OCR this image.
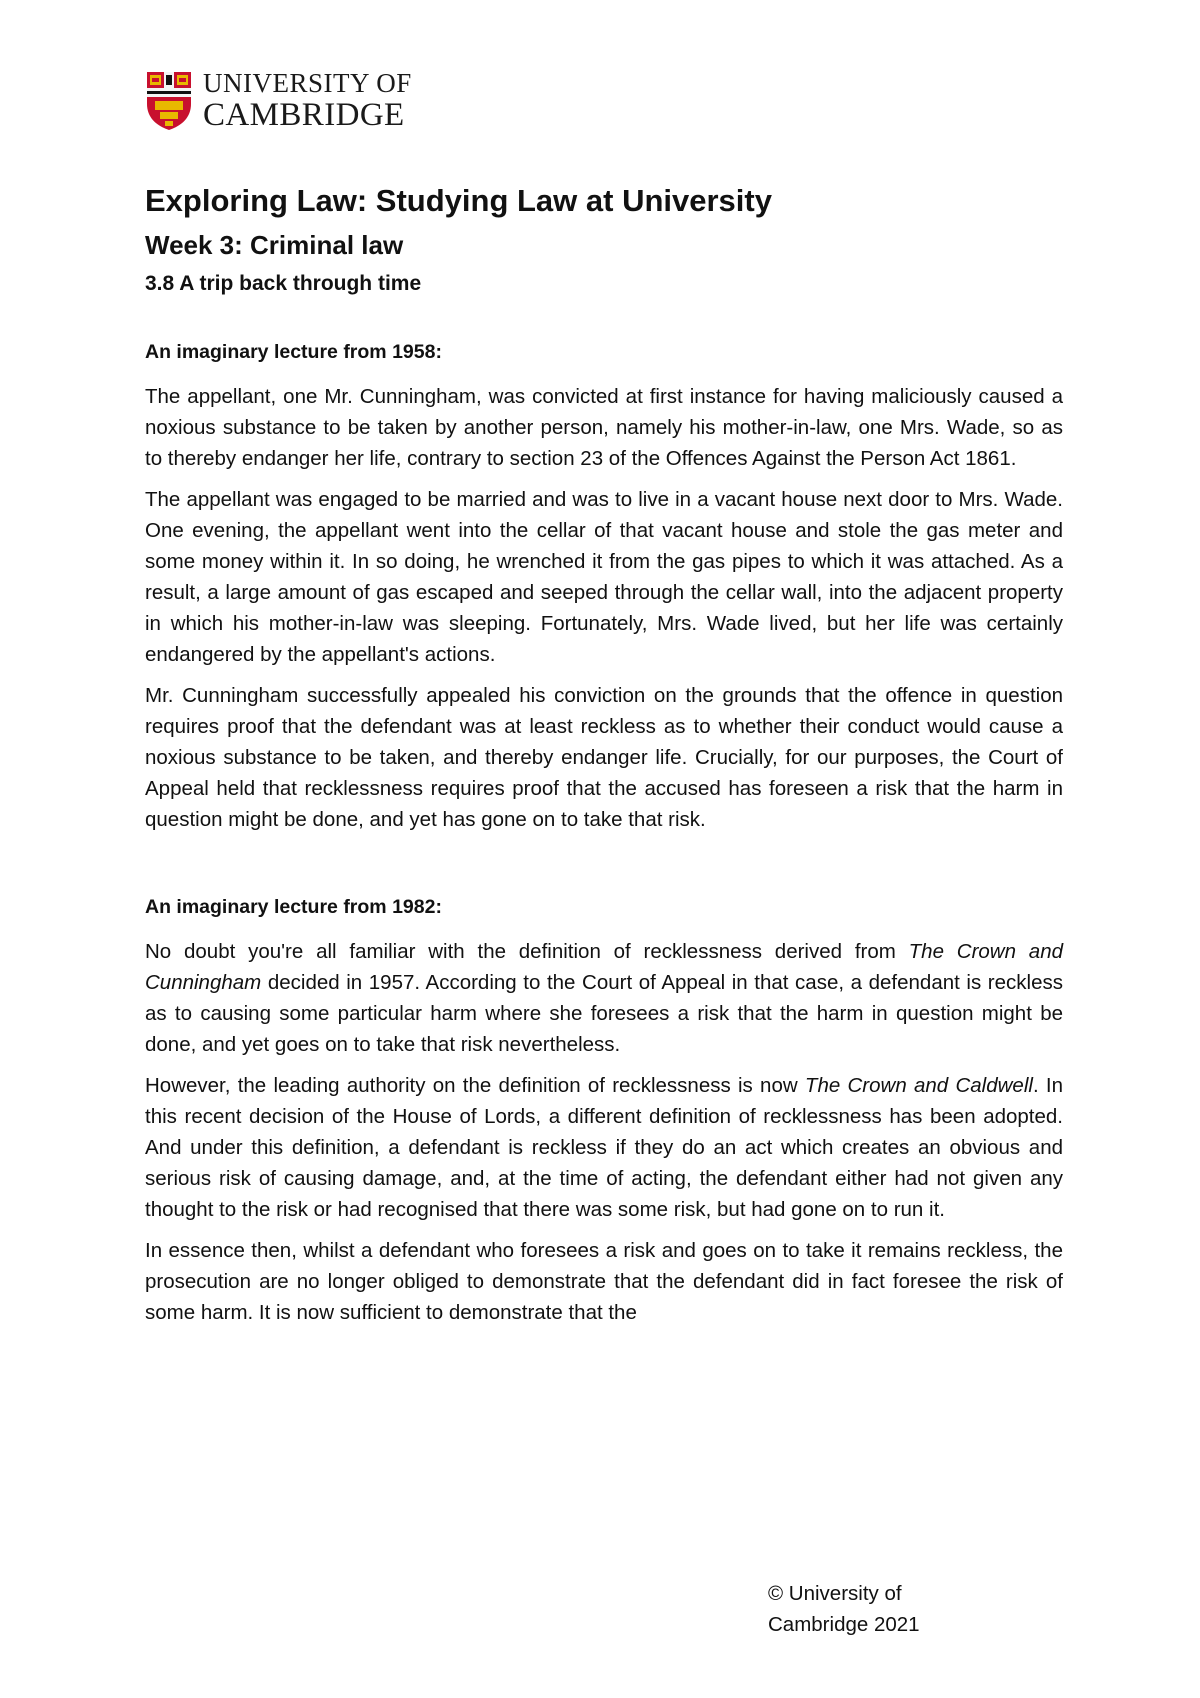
UNIVERSITY OF
CAMBRIDGE
Exploring Law: Studying Law at University
Week 3: Criminal law
3.8 A trip back through time
An imaginary lecture from 1958:

The appellant, one Mr. Cunningham, was convicted at first instance for having maliciously caused a noxious substance to be taken by another person, namely his mother-in-law, one Mrs. Wade, so as to thereby endanger her life, contrary to section 23 of the Offences Against the Person Act 1861.

The appellant was engaged to be married and was to live in a vacant house next door to Mrs. Wade. One evening, the appellant went into the cellar of that vacant house and stole the gas meter and some money within it. In so doing, he wrenched it from the gas pipes to which it was attached. As a result, a large amount of gas escaped and seeped through the cellar wall, into the adjacent property in which his mother-in-law was sleeping. Fortunately, Mrs. Wade lived, but her life was certainly endangered by the appellant's actions.

Mr. Cunningham successfully appealed his conviction on the grounds that the offence in question requires proof that the defendant was at least reckless as to whether their conduct would cause a noxious substance to be taken, and thereby endanger life. Crucially, for our purposes, the Court of Appeal held that recklessness requires proof that the accused has foreseen a risk that the harm in question might be done, and yet has gone on to take that risk.

An imaginary lecture from 1982:

No doubt you're all familiar with the definition of recklessness derived from The Crown and Cunningham decided in 1957. According to the Court of Appeal in that case, a defendant is reckless as to causing some particular harm where she foresees a risk that the harm in question might be done, and yet goes on to take that risk nevertheless.

However, the leading authority on the definition of recklessness is now The Crown and Caldwell. In this recent decision of the House of Lords, a different definition of recklessness has been adopted. And under this definition, a defendant is reckless if they do an act which creates an obvious and serious risk of causing damage, and, at the time of acting, the defendant either had not given any thought to the risk or had recognised that there was some risk, but had gone on to run it.

In essence then, whilst a defendant who foresees a risk and goes on to take it remains reckless, the prosecution are no longer obliged to demonstrate that the defendant did in fact foresee the risk of some harm. It is now sufficient to demonstrate that the

© University of
Cambridge 2021
